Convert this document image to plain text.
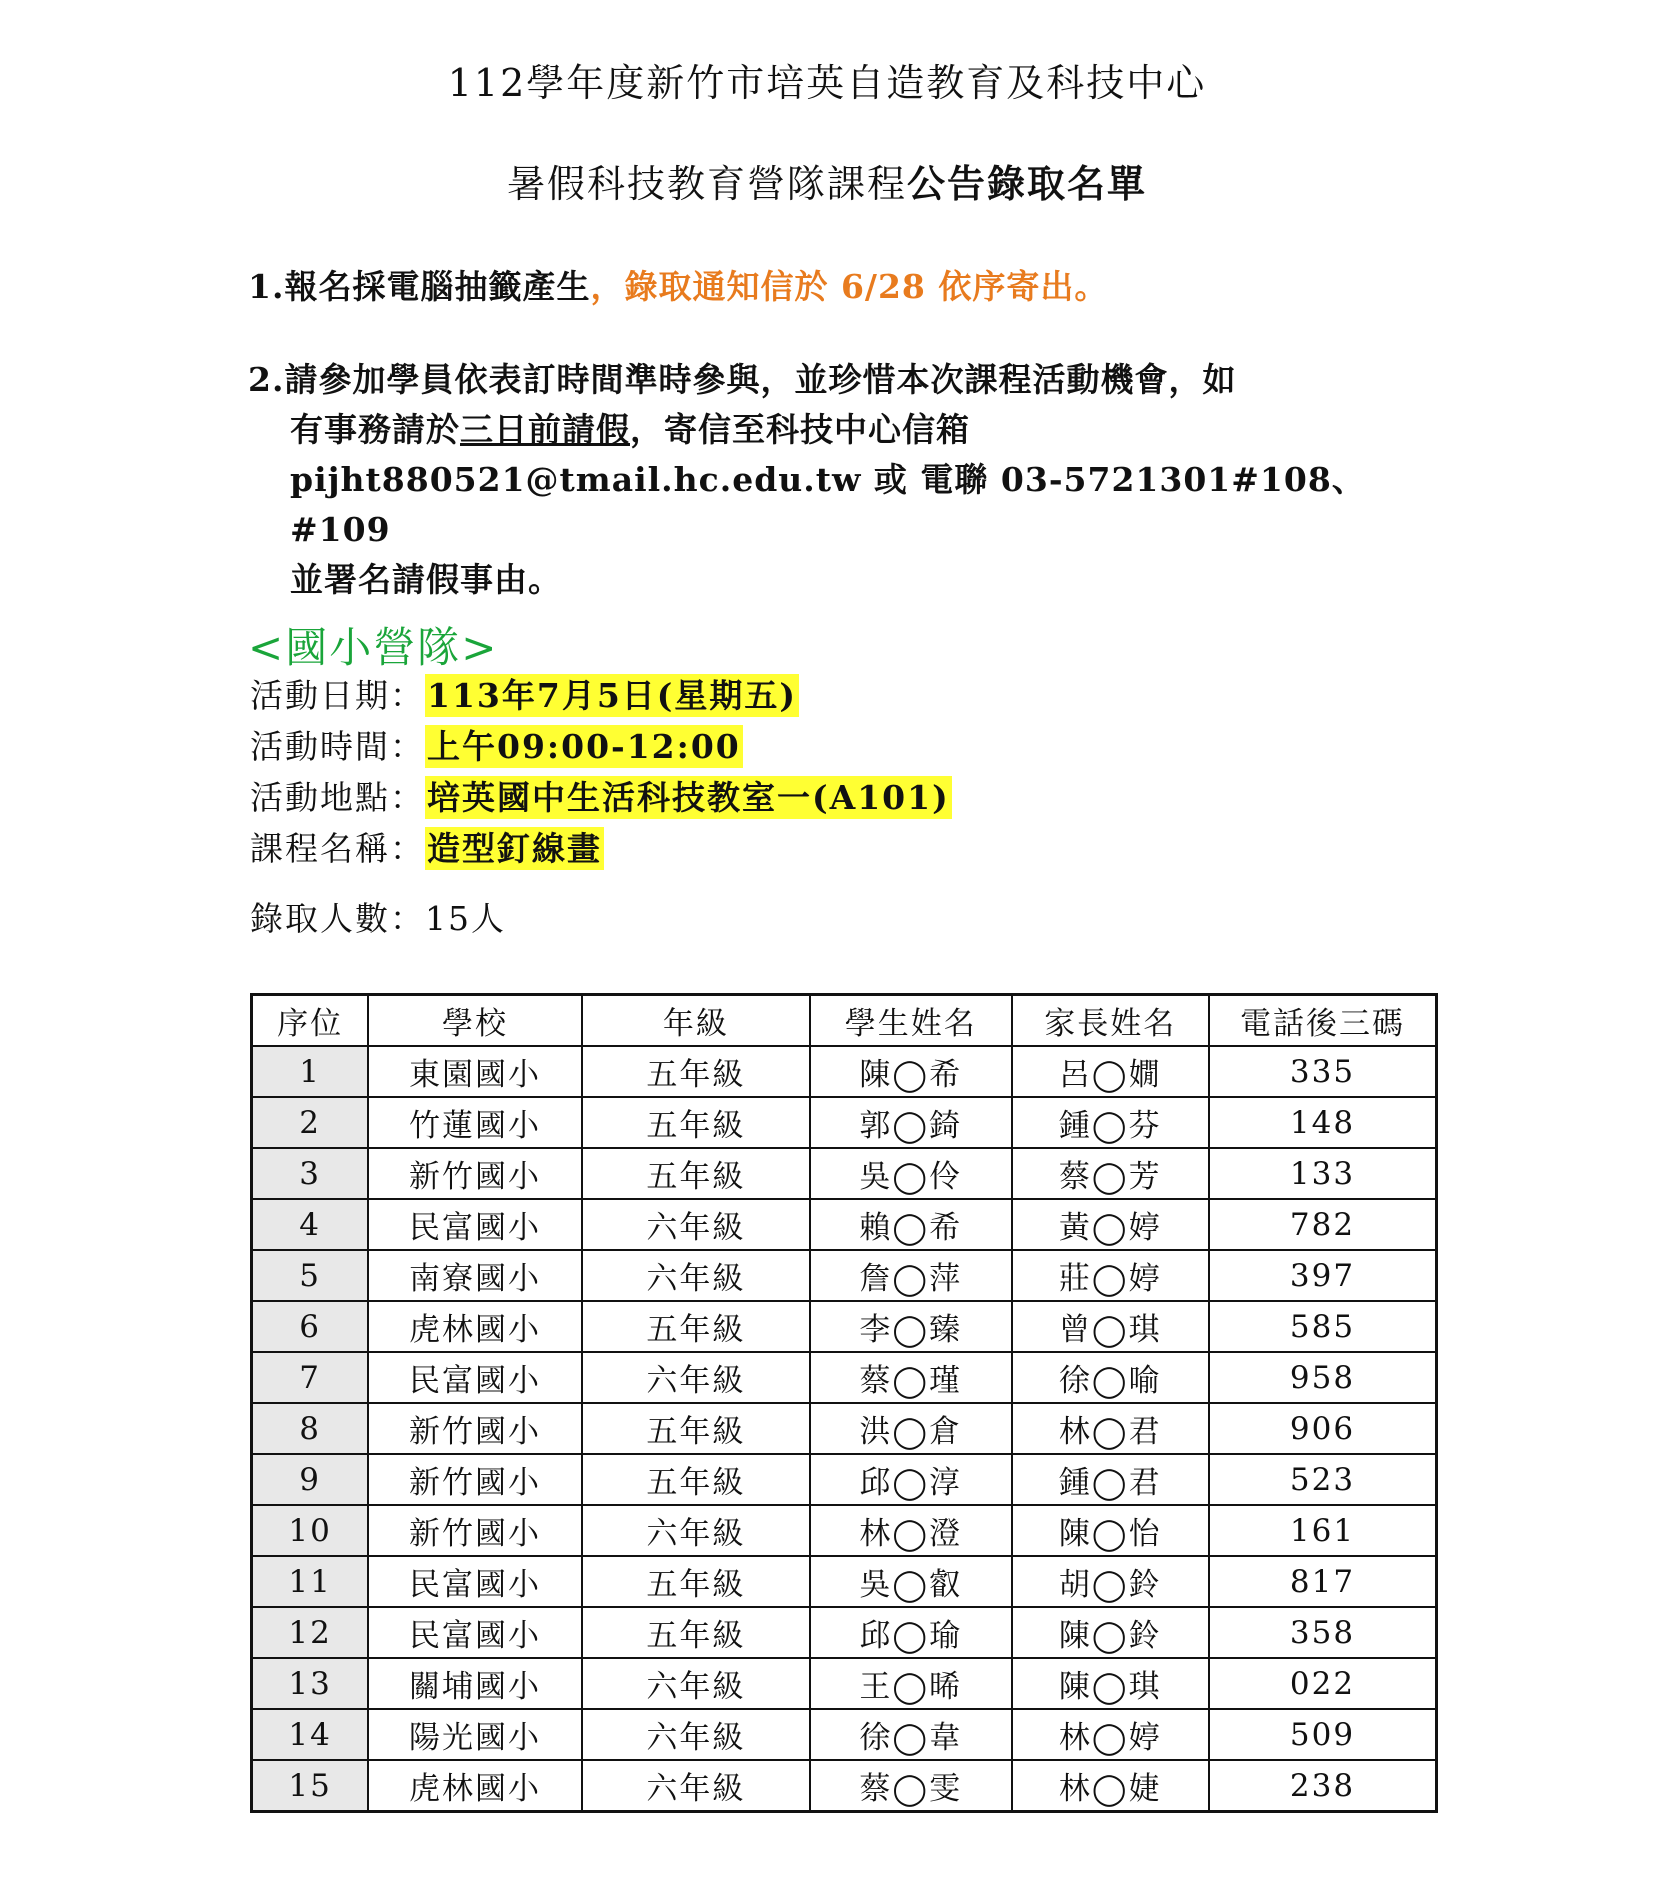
112學年度新竹市培英自造教育及科技中心
暑假科技教育營隊課程公告錄取名單
1.報名採電腦抽籤產生，錄取通知信於 6/28 依序寄出。
2.請參加學員依表訂時間準時參與，並珍惜本次課程活動機會，如
有事務請於三日前請假，寄信至科技中心信箱
pijht880521@tmail.hc.edu.tw 或 電聯 03-5721301#108、#109
並署名請假事由。
<國小營隊>
活動日期：113年7月5日(星期五)
活動時間：上午09:00-12:00
活動地點：培英國中生活科技教室一(A101)
課程名稱：造型釘線畫
錄取人數：15人
序位	學校	年級	學生姓名	家長姓名	電話後三碼
1	東園國小	五年級	陳◯希	呂◯嫺	335
2	竹蓮國小	五年級	郭◯錡	鍾◯芬	148
3	新竹國小	五年級	吳◯伶	蔡◯芳	133
4	民富國小	六年級	賴◯希	黃◯婷	782
5	南寮國小	六年級	詹◯萍	莊◯婷	397
6	虎林國小	五年級	李◯臻	曾◯琪	585
7	民富國小	六年級	蔡◯瑾	徐◯喻	958
8	新竹國小	五年級	洪◯倉	林◯君	906
9	新竹國小	五年級	邱◯淳	鍾◯君	523
10	新竹國小	六年級	林◯澄	陳◯怡	161
11	民富國小	五年級	吳◯叡	胡◯鈴	817
12	民富國小	五年級	邱◯瑜	陳◯鈴	358
13	關埔國小	六年級	王◯晞	陳◯琪	022
14	陽光國小	六年級	徐◯韋	林◯婷	509
15	虎林國小	六年級	蔡◯雯	林◯婕	238
